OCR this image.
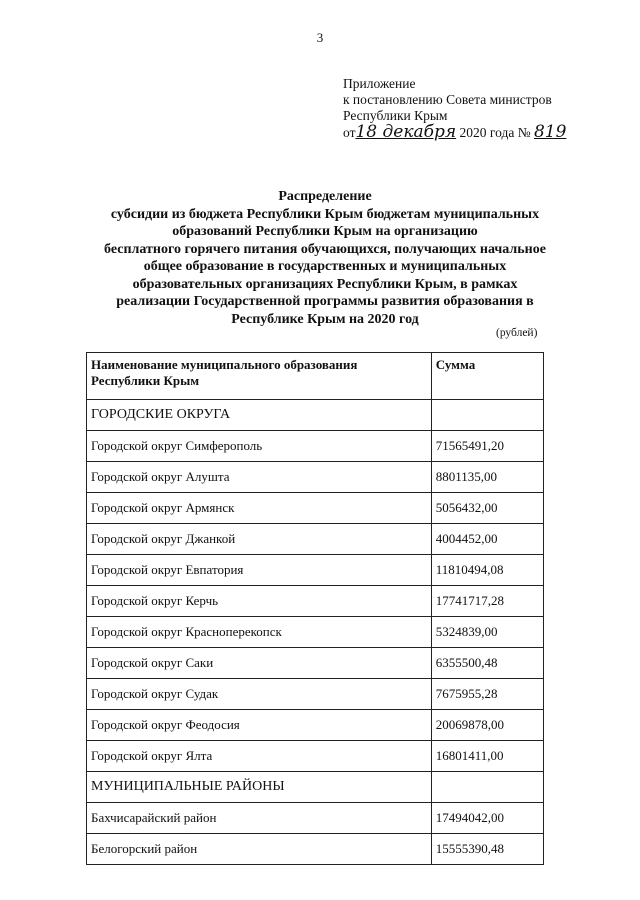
3
Приложение
к постановлению Совета министров
Республики Крым
от18 декабря 2020 года № 819
Распределение
субсидии из бюджета Республики Крым бюджетам муниципальных
образований Республики Крым на организацию
бесплатного горячего питания обучающихся, получающих начальное
общее образование в государственных и муниципальных
образовательных организациях Республики Крым, в рамках
реализации Государственной программы развития образования в
Республике Крым на 2020 год
(рублей)
Наименование муниципального образования Республики Крым	Сумма
ГОРОДСКИЕ ОКРУГА	
Городской округ Симферополь	71565491,20
Городской округ Алушта	8801135,00
Городской округ Армянск	5056432,00
Городской округ Джанкой	4004452,00
Городской округ Евпатория	11810494,08
Городской округ Керчь	17741717,28
Городской округ Красноперекопск	5324839,00
Городской округ Саки	6355500,48
Городской округ Судак	7675955,28
Городской округ Феодосия	20069878,00
Городской округ Ялта	16801411,00
МУНИЦИПАЛЬНЫЕ РАЙОНЫ	
Бахчисарайский район	17494042,00
Белогорский район	15555390,48
